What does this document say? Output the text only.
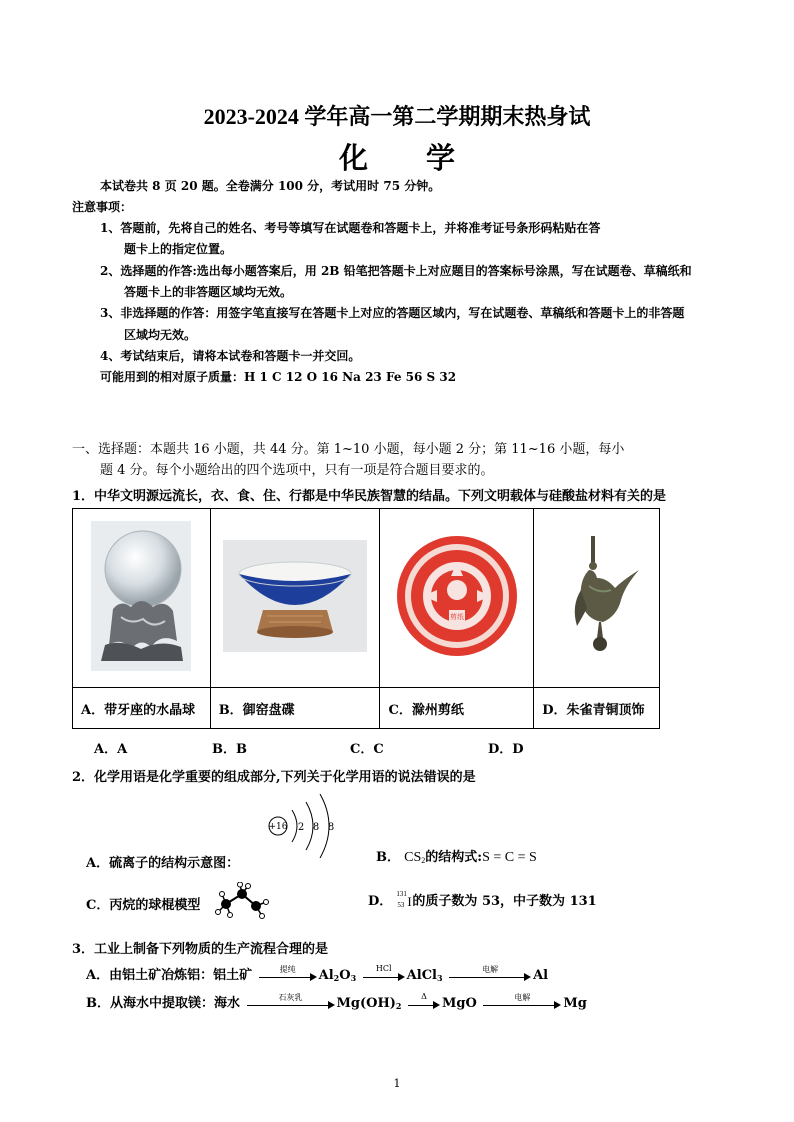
2023-2024 学年高一第二学期期末热身试
化学
本试卷共 8 页 20 题。全卷满分 100 分，考试用时 75 分钟。
注意事项：
1、答题前，先将自己的姓名、考号等填写在试题卷和答题卡上，并将准考证号条形码粘贴在答
题卡上的指定位置。
2、选择题的作答:选出每小题答案后，用 2B 铅笔把答题卡上对应题目的答案标号涂黑，写在试题卷、草稿纸和
答题卡上的非答题区域均无效。
3、非选择题的作答：用签字笔直接写在答题卡上对应的答题区域内，写在试题卷、草稿纸和答题卡上的非答题
区域均无效。
4、考试结束后，请将本试卷和答题卡一并交回。
可能用到的相对原子质量：H 1 C 12 O 16 Na 23 Fe 56 S 32
一、选择题：本题共 16 小题，共 44 分。第 1~10 小题，每小题 2 分；第 11~16 小题，每小
题 4 分。每个小题给出的四个选项中，只有一项是符合题目要求的。
1．中华文明源远流长，衣、食、住、行都是中华民族智慧的结晶。下列文明载体与硅酸盐材料有关的是

剪纸

A．带牙座的水晶球	B．御窑盘碟	C．滁州剪纸	D．朱雀青铜顶饰
A．A	B．B	C．C	D．D
2．化学用语是化学重要的组成部分,下列关于化学用语的说法错误的是
+16 2 8 8
A．硫离子的结构示意图：	B． $CS_2$的结构式:S = C = S
C．丙烷的球棍模型	D．
131
53 I 的质子数为 53，中子数为 131
3．工业上制备下列物质的生产流程合理的是
A．由铝土矿冶炼铝：铝土矿	提纯	$Al_2O_3$
HCl	AlCl$_3$
电解	Al
B．从海水中提取镁：海水	石灰乳	$Mg(OH)_2$
Δ	MgO	电解	Mg
1
